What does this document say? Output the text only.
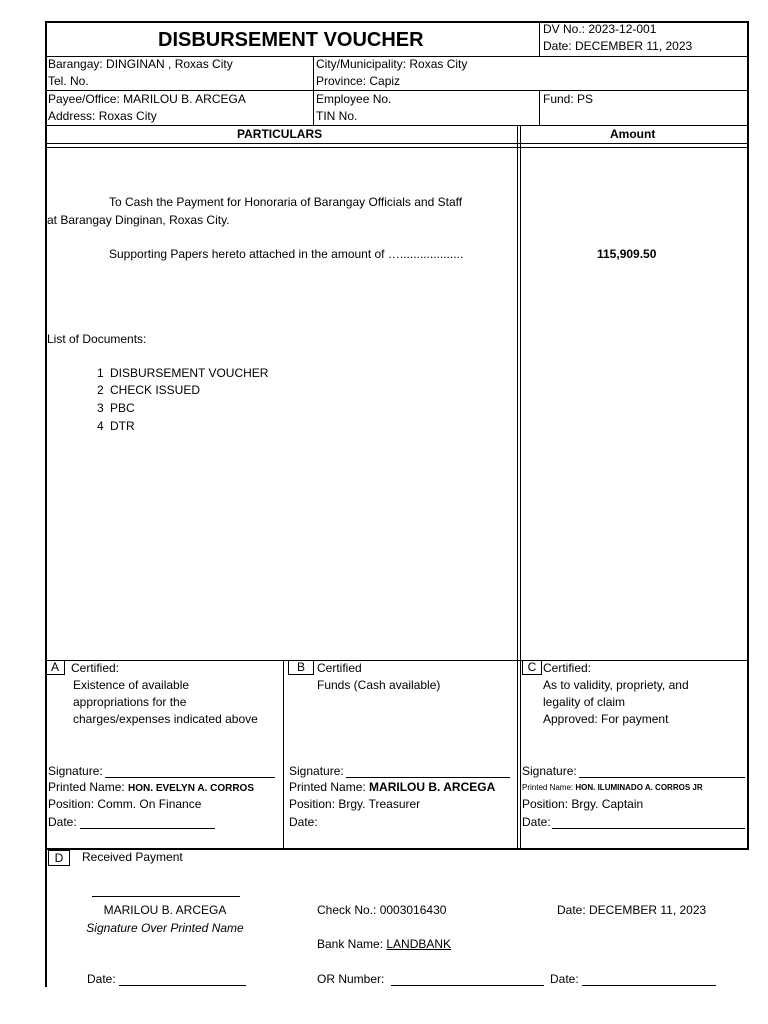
DISBURSEMENT VOUCHER	DV No.: 2023-12-001
Date: DECEMBER 11, 2023
Barangay: DINGINAN , Roxas City
Tel. No.
City/Municipality: Roxas City
Province: Capiz
Payee/Office: MARILOU B. ARCEGA
Address: Roxas City
Employee No.
TIN No.
Fund: PS
PARTICULARS	Amount
To Cash the Payment for Honoraria of Barangay Officials and Staff
at Barangay Dinginan, Roxas City.
Supporting Papers hereto attached in the amount of …...................	115,909.50
List of Documents:
1 DISBURSEMENT VOUCHER
2 CHECK ISSUED
3 PBC
4 DTR
A	Certified:
Existence of available
appropriations for the
charges/expenses indicated above
Signature:
Printed Name: HON. EVELYN A. CORROS
Position: Comm. On Finance
Date:
B	Certified
Funds (Cash available)
Signature:
Printed Name: MARILOU B. ARCEGA
Position: Brgy. Treasurer
Date:
C Certified:
As to validity, propriety, and
legality of claim
Approved: For payment
Signature:
Printed Name: HON. ILUMINADO A. CORROS JR
Position: Brgy. Captain
Date:
D	Received Payment
MARILOU B. ARCEGA
Signature Over Printed Name
Check No.: 0003016430
Bank Name: LANDBANK
Date: DECEMBER 11, 2023
Date:	OR Number:	Date:
